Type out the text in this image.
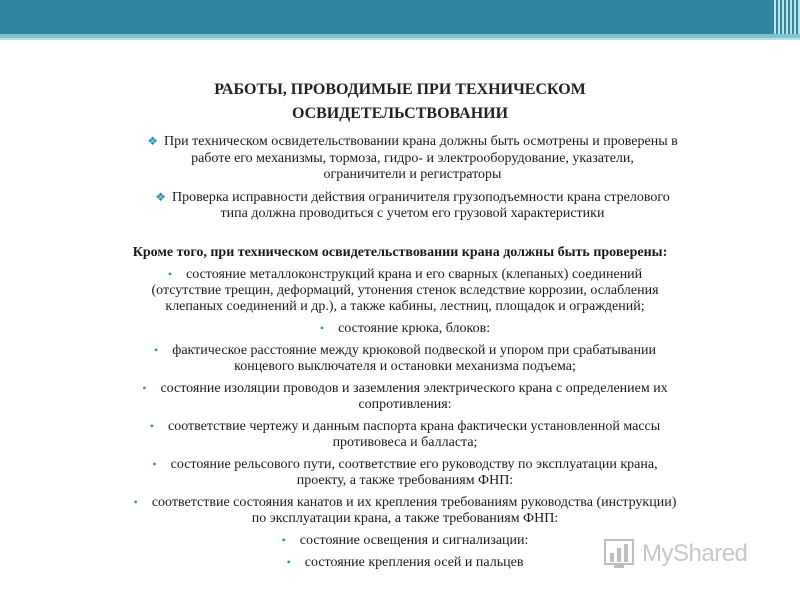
РАБОТЫ, ПРОВОДИМЫЕ ПРИ ТЕХНИЧЕСКОМ
ОСВИДЕТЕЛЬСТВОВАНИИ
❖ При техническом освидетельствовании крана должны быть осмотрены и проверены в
работе его механизмы, тормоза, гидро- и электрооборудование, указатели,
ограничители и регистраторы
❖ Проверка исправности действия ограничителя грузоподъемности крана стрелового
типа должна проводиться с учетом его грузовой характеристики
Кроме того, при техническом освидетельствовании крана должны быть проверены:
• состояние металлоконструкций крана и его сварных (клепаных) соединений
(отсутствие трещин, деформаций, утонения стенок вследствие коррозии, ослабления
клепаных соединений и др.), а также кабины, лестниц, площадок и ограждений;
• состояние крюка, блоков:
• фактическое расстояние между крюковой подвеской и упором при срабатывании
концевого выключателя и остановки механизма подъема;
• состояние изоляции проводов и заземления электрического крана с определением их
сопротивления:
• соответствие чертежу и данным паспорта крана фактически установленной массы
противовеса и балласта;
• состояние рельсового пути, соответствие его руководству по эксплуатации крана,
проекту, а также требованиям ФНП:
• соответствие состояния канатов и их крепления требованиям руководства (инструкции)
по эксплуатации крана, а также требованиям ФНП:
• состояние освещения и сигнализации:
• состояние крепления осей и пальцев	MyShared
